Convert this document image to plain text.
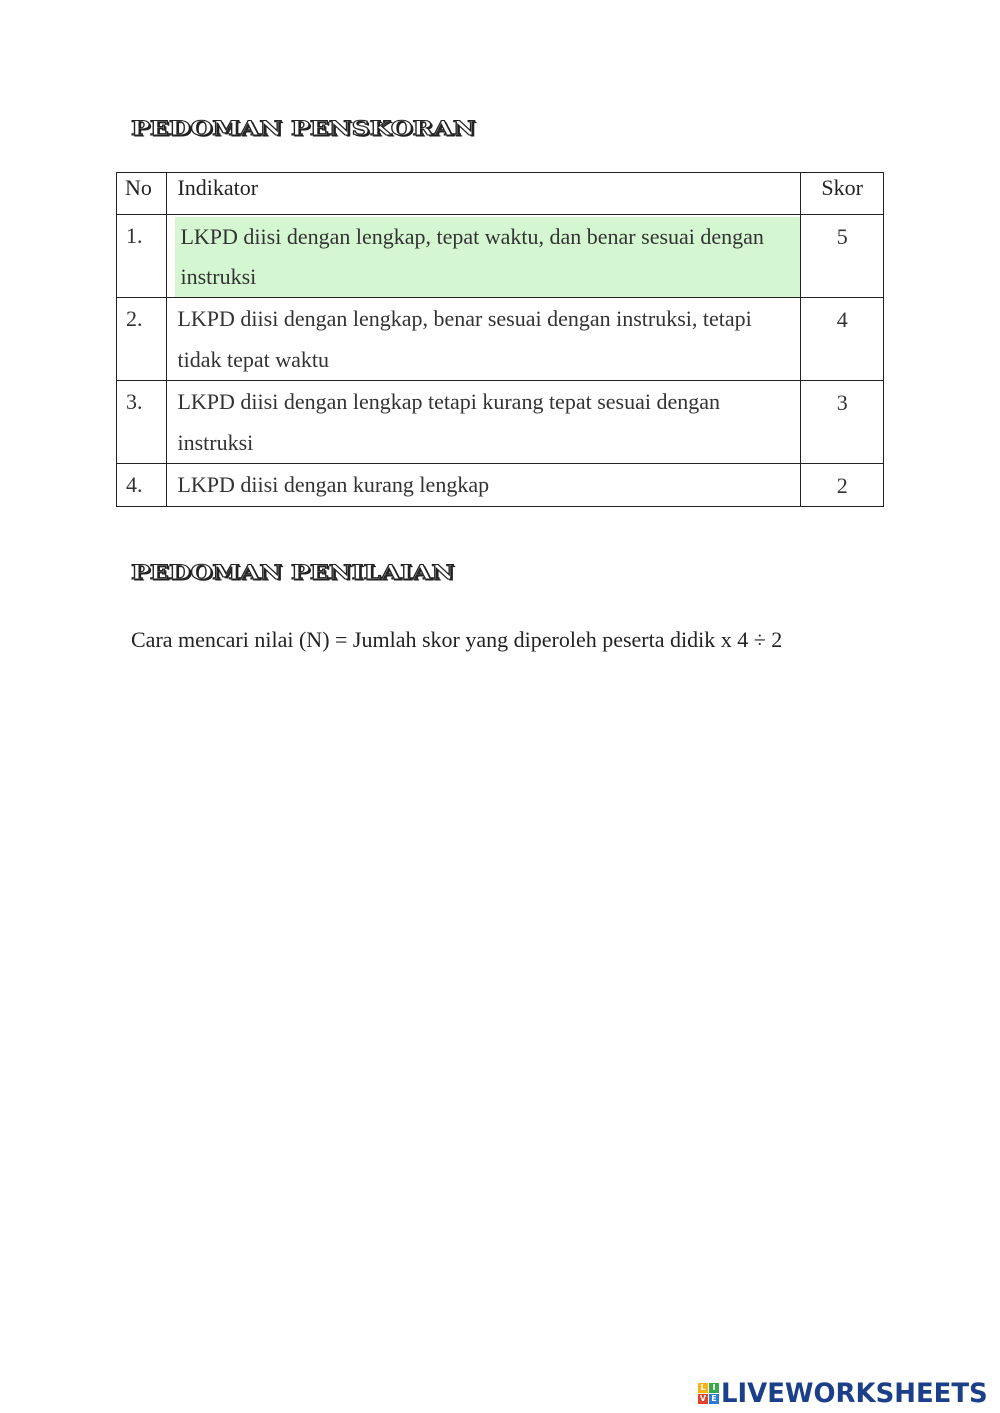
PEDOMAN PENSKORAN
No	Indikator	Skor
1.	LKPD diisi dengan lengkap, tepat waktu, dan benar sesuai dengan instruksi	5
2.	LKPD diisi dengan lengkap, benar sesuai dengan instruksi, tetapi tidak tepat waktu	4
3.	LKPD diisi dengan lengkap tetapi kurang tepat sesuai dengan instruksi	3
4.	LKPD diisi dengan kurang lengkap	2
PEDOMAN PENILAIAN

Cara mencari nilai (N) = Jumlah skor yang diperoleh peserta didik x 4 ÷ 2

L I
V E LIVEWORKSHEETS
